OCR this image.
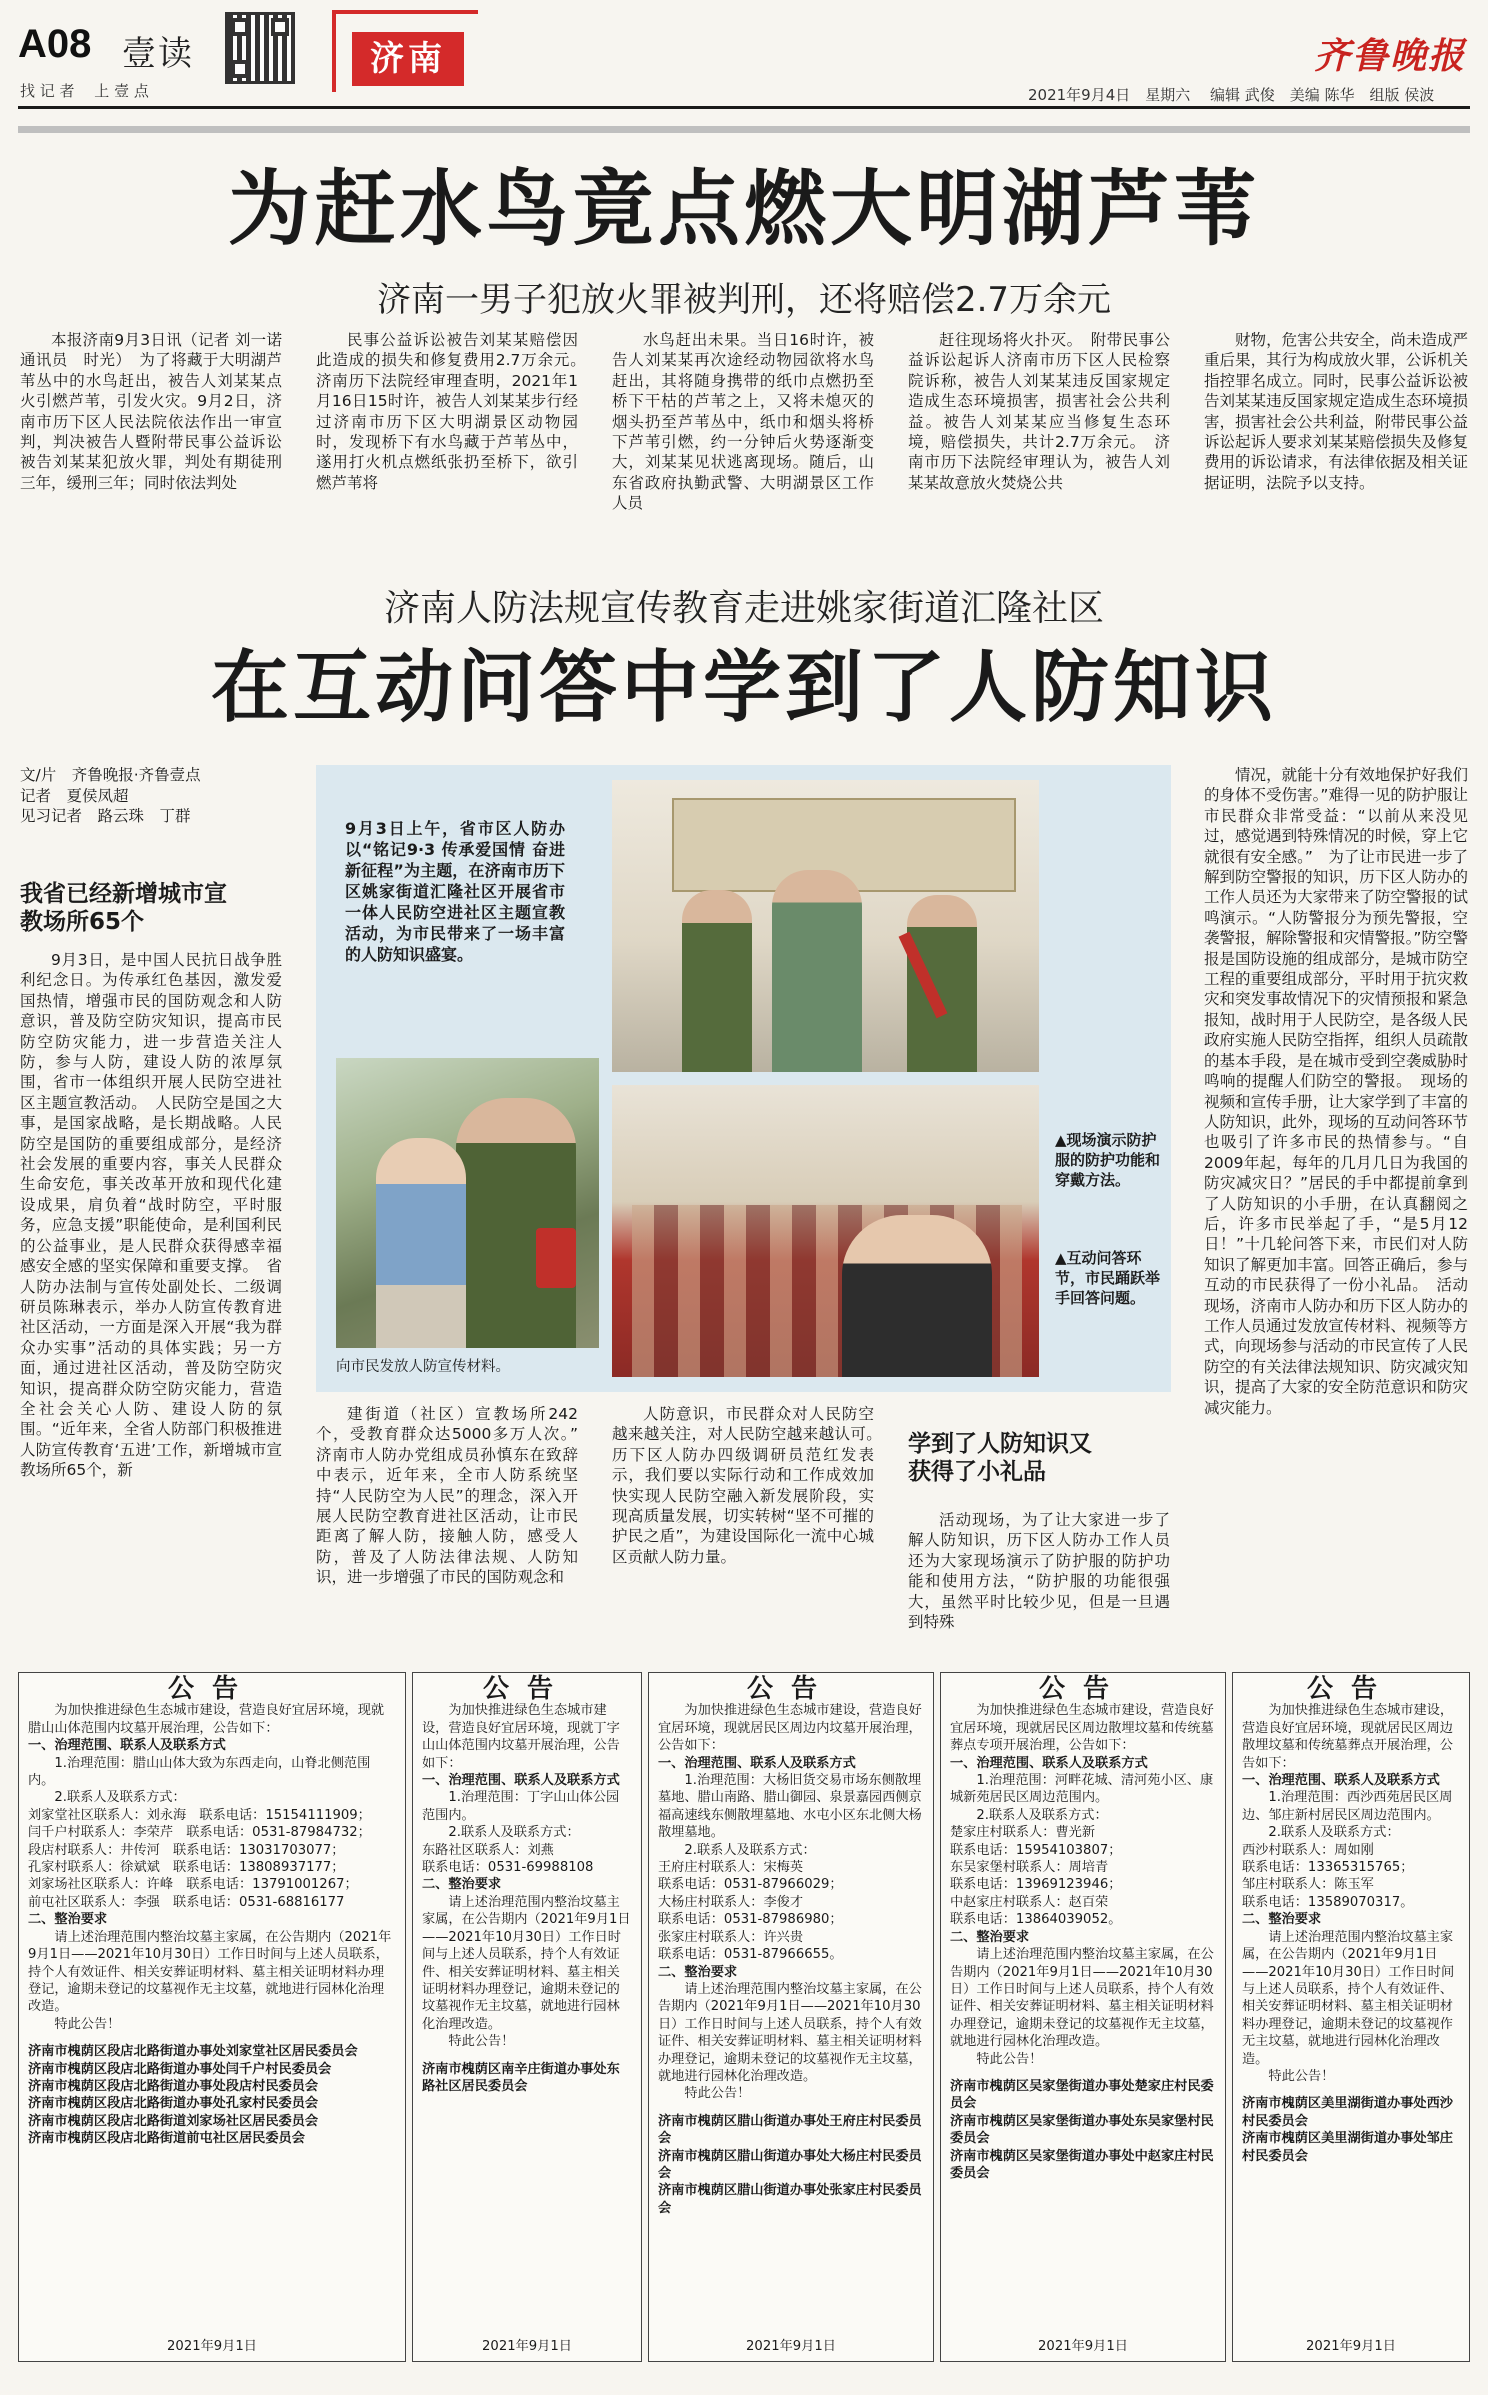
A08 壹读
找 记 者 　上 壹 点
济南	齐鲁晚报
2021年9月4日　星期六 编辑 武俊　美编 陈华　组版 侯波
为赶水鸟竟点燃大明湖芦苇
济南一男子犯放火罪被判刑，还将赔偿2.7万余元

本报济南9月3日讯（记者 刘一诺　通讯员　时光）　为了将藏于大明湖芦苇丛中的水鸟赶出，被告人刘某某点火引燃芦苇，引发火灾。9月2日，济南市历下区人民法院依法作出一审宣判，判决被告人暨附带民事公益诉讼被告刘某某犯放火罪，判处有期徒刑三年，缓刑三年；同时依法判处

民事公益诉讼被告刘某某赔偿因此造成的损失和修复费用2.7万余元。　济南历下法院经审理查明，2021年1月16日15时许，被告人刘某某步行经过济南市历下区大明湖景区动物园时，发现桥下有水鸟藏于芦苇丛中，遂用打火机点燃纸张扔至桥下，欲引燃芦苇将

水鸟赶出未果。当日16时许，被告人刘某某再次途经动物园欲将水鸟赶出，其将随身携带的纸巾点燃扔至桥下干枯的芦苇之上，又将未熄灭的烟头扔至芦苇丛中，纸巾和烟头将桥下芦苇引燃，约一分钟后火势逐渐变大，刘某某见状逃离现场。随后，山东省政府执勤武警、大明湖景区工作人员

赶往现场将火扑灭。　附带民事公益诉讼起诉人济南市历下区人民检察院诉称，被告人刘某某违反国家规定造成生态环境损害，损害社会公共利益。被告人刘某某应当修复生态环境，赔偿损失，共计2.7万余元。　济南市历下法院经审理认为，被告人刘某某故意放火焚烧公共

财物，危害公共安全，尚未造成严重后果，其行为构成放火罪，公诉机关指控罪名成立。同时，民事公益诉讼被告刘某某违反国家规定造成生态环境损害，损害社会公共利益，附带民事公益诉讼起诉人要求刘某某赔偿损失及修复费用的诉讼请求，有法律依据及相关证据证明，法院予以支持。

济南人防法规宣传教育走进姚家街道汇隆社区
在互动问答中学到了人防知识
文/片　齐鲁晚报·齐鲁壹点
记者　夏侯凤超
见习记者　路云珠　丁群
我省已经新增城市宣教场所65个

9月3日，是中国人民抗日战争胜利纪念日。为传承红色基因，激发爱国热情，增强市民的国防观念和人防意识，普及防空防灾知识，提高市民防空防灾能力，进一步营造关注人防，参与人防，建设人防的浓厚氛围，省市一体组织开展人民防空进社区主题宣教活动。　人民防空是国之大事，是国家战略，是长期战略。人民防空是国防的重要组成部分，是经济社会发展的重要内容，事关人民群众生命安危，事关改革开放和现代化建设成果，肩负着“战时防空，平时服务，应急支援”职能使命，是利国利民的公益事业，是人民群众获得感幸福感安全感的坚实保障和重要支撑。　省人防办法制与宣传处副处长、二级调研员陈琳表示，举办人防宣传教育进社区活动，一方面是深入开展“我为群众办实事”活动的具体实践；另一方面，通过进社区活动，普及防空防灾知识，提高群众防空防灾能力，营造全社会关心人防、建设人防的氛围。“近年来，全省人防部门积极推进人防宣传教育‘五进’工作，新增城市宣教场所65个，新

9月3日上午，省市区人防办以“铭记9·3 传承爱国情 奋进新征程”为主题，在济南市历下区姚家街道汇隆社区开展省市一体人民防空进社区主题宣教活动，为市民带来了一场丰富的人防知识盛宴。
向市民发放人防宣传材料。
▲现场演示防护服的防护功能和穿戴方法。
▲互动问答环节，市民踊跃举手回答问题。

建街道（社区）宣教场所242个，受教育群众达5000多万人次。”　济南市人防办党组成员孙慎东在致辞中表示，近年来，全市人防系统坚持“人民防空为人民”的理念，深入开展人民防空教育进社区活动，让市民距离了解人防，接触人防，感受人防，普及了人防法律法规、人防知识，进一步增强了市民的国防观念和

人防意识，市民群众对人民防空越来越关注，对人民防空越来越认可。　历下区人防办四级调研员范红发表示，我们要以实际行动和工作成效加快实现人民防空融入新发展阶段，实现高质量发展，切实转树“坚不可摧的护民之盾”，为建设国际化一流中心城区贡献人防力量。

学到了人防知识又获得了小礼品

活动现场，为了让大家进一步了解人防知识，历下区人防办工作人员还为大家现场演示了防护服的防护功能和使用方法，“防护服的功能很强大，虽然平时比较少见，但是一旦遇到特殊

情况，就能十分有效地保护好我们的身体不受伤害。”难得一见的防护服让市民群众非常受益：“以前从来没见过，感觉遇到特殊情况的时候，穿上它就很有安全感。”　为了让市民进一步了解到防空警报的知识，历下区人防办的工作人员还为大家带来了防空警报的试鸣演示。“人防警报分为预先警报，空袭警报，解除警报和灾情警报。”防空警报是国防设施的组成部分，是城市防空工程的重要组成部分，平时用于抗灾救灾和突发事故情况下的灾情预报和紧急报知，战时用于人民防空，是各级人民政府实施人民防空指挥，组织人员疏散的基本手段，是在城市受到空袭威胁时鸣响的提醒人们防空的警报。　现场的视频和宣传手册，让大家学到了丰富的人防知识，此外，现场的互动问答环节也吸引了许多市民的热情参与。“自2009年起，每年的几月几日为我国的防灾减灾日？”居民的手中都提前拿到了人防知识的小手册，在认真翻阅之后，许多市民举起了手，“是5月12日！”十几轮问答下来，市民们对人防知识了解更加丰富。回答正确后，参与互动的市民获得了一份小礼品。　活动现场，济南市人防办和历下区人防办的工作人员通过发放宣传材料、视频等方式，向现场参与活动的市民宣传了人民防空的有关法律法规知识、防灾减灾知识，提高了大家的安全防范意识和防灾减灾能力。

公告

为加快推进绿色生态城市建设，营造良好宜居环境，现就腊山山体范围内坟墓开展治理，公告如下：

一、治理范围、联系人及联系方式

1.治理范围：腊山山体大致为东西走向，山脊北侧范围内。

2.联系人及联系方式：

刘家堂社区联系人：刘永海　联系电话：15154111909；

闫千户村联系人：李荣芹　联系电话：0531-87984732；

段店村联系人：井传河　联系电话：13031703077；

孔家村联系人：徐斌斌　联系电话：13808937177；

刘家场社区联系人：许峰　联系电话：13791001267；

前屯社区联系人：李强　联系电话：0531-68816177

二、整治要求

请上述治理范围内整治坟墓主家属，在公告期内（2021年9月1日——2021年10月30日）工作日时间与上述人员联系，持个人有效证件、相关安葬证明材料、墓主相关证明材料办理登记，逾期未登记的坟墓视作无主坟墓，就地进行园林化治理改造。

特此公告！

济南市槐荫区段店北路街道办事处刘家堂社区居民委员会

济南市槐荫区段店北路街道办事处闫千户村民委员会

济南市槐荫区段店北路街道办事处段店村民委员会

济南市槐荫区段店北路街道办事处孔家村民委员会

济南市槐荫区段店北路街道刘家场社区居民委员会

济南市槐荫区段店北路街道前屯社区居民委员会

2021年9月1日
公告

为加快推进绿色生态城市建设，营造良好宜居环境，现就丁字山山体范围内坟墓开展治理，公告如下：

一、治理范围、联系人及联系方式

1.治理范围：丁字山山体公园范围内。

2.联系人及联系方式：

东路社区联系人：刘燕

联系电话：0531-69988108

二、整治要求

请上述治理范围内整治坟墓主家属，在公告期内（2021年9月1日——2021年10月30日）工作日时间与上述人员联系，持个人有效证件、相关安葬证明材料、墓主相关证明材料办理登记，逾期未登记的坟墓视作无主坟墓，就地进行园林化治理改造。

特此公告！

济南市槐荫区南辛庄街道办事处东路社区居民委员会

2021年9月1日
公告

为加快推进绿色生态城市建设，营造良好宜居环境，现就居民区周边内坟墓开展治理，公告如下：

一、治理范围、联系人及联系方式

1.治理范围：大杨旧货交易市场东侧散埋墓地、腊山南路、腊山御园、泉景嘉园西侧京福高速线东侧散埋墓地、水屯小区东北侧大杨散埋墓地。

2.联系人及联系方式：

王府庄村联系人：宋梅英

联系电话：0531-87966029；

大杨庄村联系人：李俊才

联系电话：0531-87986980；

张家庄村联系人：许兴贵

联系电话：0531-87966655。

二、整治要求

请上述治理范围内整治坟墓主家属，在公告期内（2021年9月1日——2021年10月30日）工作日时间与上述人员联系，持个人有效证件、相关安葬证明材料、墓主相关证明材料办理登记，逾期未登记的坟墓视作无主坟墓，就地进行园林化治理改造。

特此公告！

济南市槐荫区腊山街道办事处王府庄村民委员会

济南市槐荫区腊山街道办事处大杨庄村民委员会

济南市槐荫区腊山街道办事处张家庄村民委员会

2021年9月1日
公告

为加快推进绿色生态城市建设，营造良好宜居环境，现就居民区周边散埋坟墓和传统墓葬点专项开展治理，公告如下：

一、治理范围、联系人及联系方式

1.治理范围：河畔花城、清河苑小区、康城新苑居民区周边范围内。

2.联系人及联系方式：

楚家庄村联系人：曹光新

联系电话：15954103807；

东吴家堡村联系人：周培青

联系电话：13969123946；

中赵家庄村联系人：赵百荣

联系电话：13864039052。

二、整治要求

请上述治理范围内整治坟墓主家属，在公告期内（2021年9月1日——2021年10月30日）工作日时间与上述人员联系，持个人有效证件、相关安葬证明材料、墓主相关证明材料办理登记，逾期未登记的坟墓视作无主坟墓，就地进行园林化治理改造。

特此公告！

济南市槐荫区吴家堡街道办事处楚家庄村民委员会

济南市槐荫区吴家堡街道办事处东吴家堡村民委员会

济南市槐荫区吴家堡街道办事处中赵家庄村民委员会

2021年9月1日
公告

为加快推进绿色生态城市建设，营造良好宜居环境，现就居民区周边散埋坟墓和传统墓葬点开展治理，公告如下：

一、治理范围、联系人及联系方式

1.治理范围：西沙西苑居民区周边、邹庄新村居民区周边范围内。

2.联系人及联系方式：

西沙村联系人：周如刚

联系电话：13365315765；

邹庄村联系人：陈玉军

联系电话：13589070317。

二、整治要求

请上述治理范围内整治坟墓主家属，在公告期内（2021年9月1日——2021年10月30日）工作日时间与上述人员联系，持个人有效证件、相关安葬证明材料、墓主相关证明材料办理登记，逾期未登记的坟墓视作无主坟墓，就地进行园林化治理改造。

特此公告！

济南市槐荫区美里湖街道办事处西沙村民委员会

济南市槐荫区美里湖街道办事处邹庄村民委员会

2021年9月1日
